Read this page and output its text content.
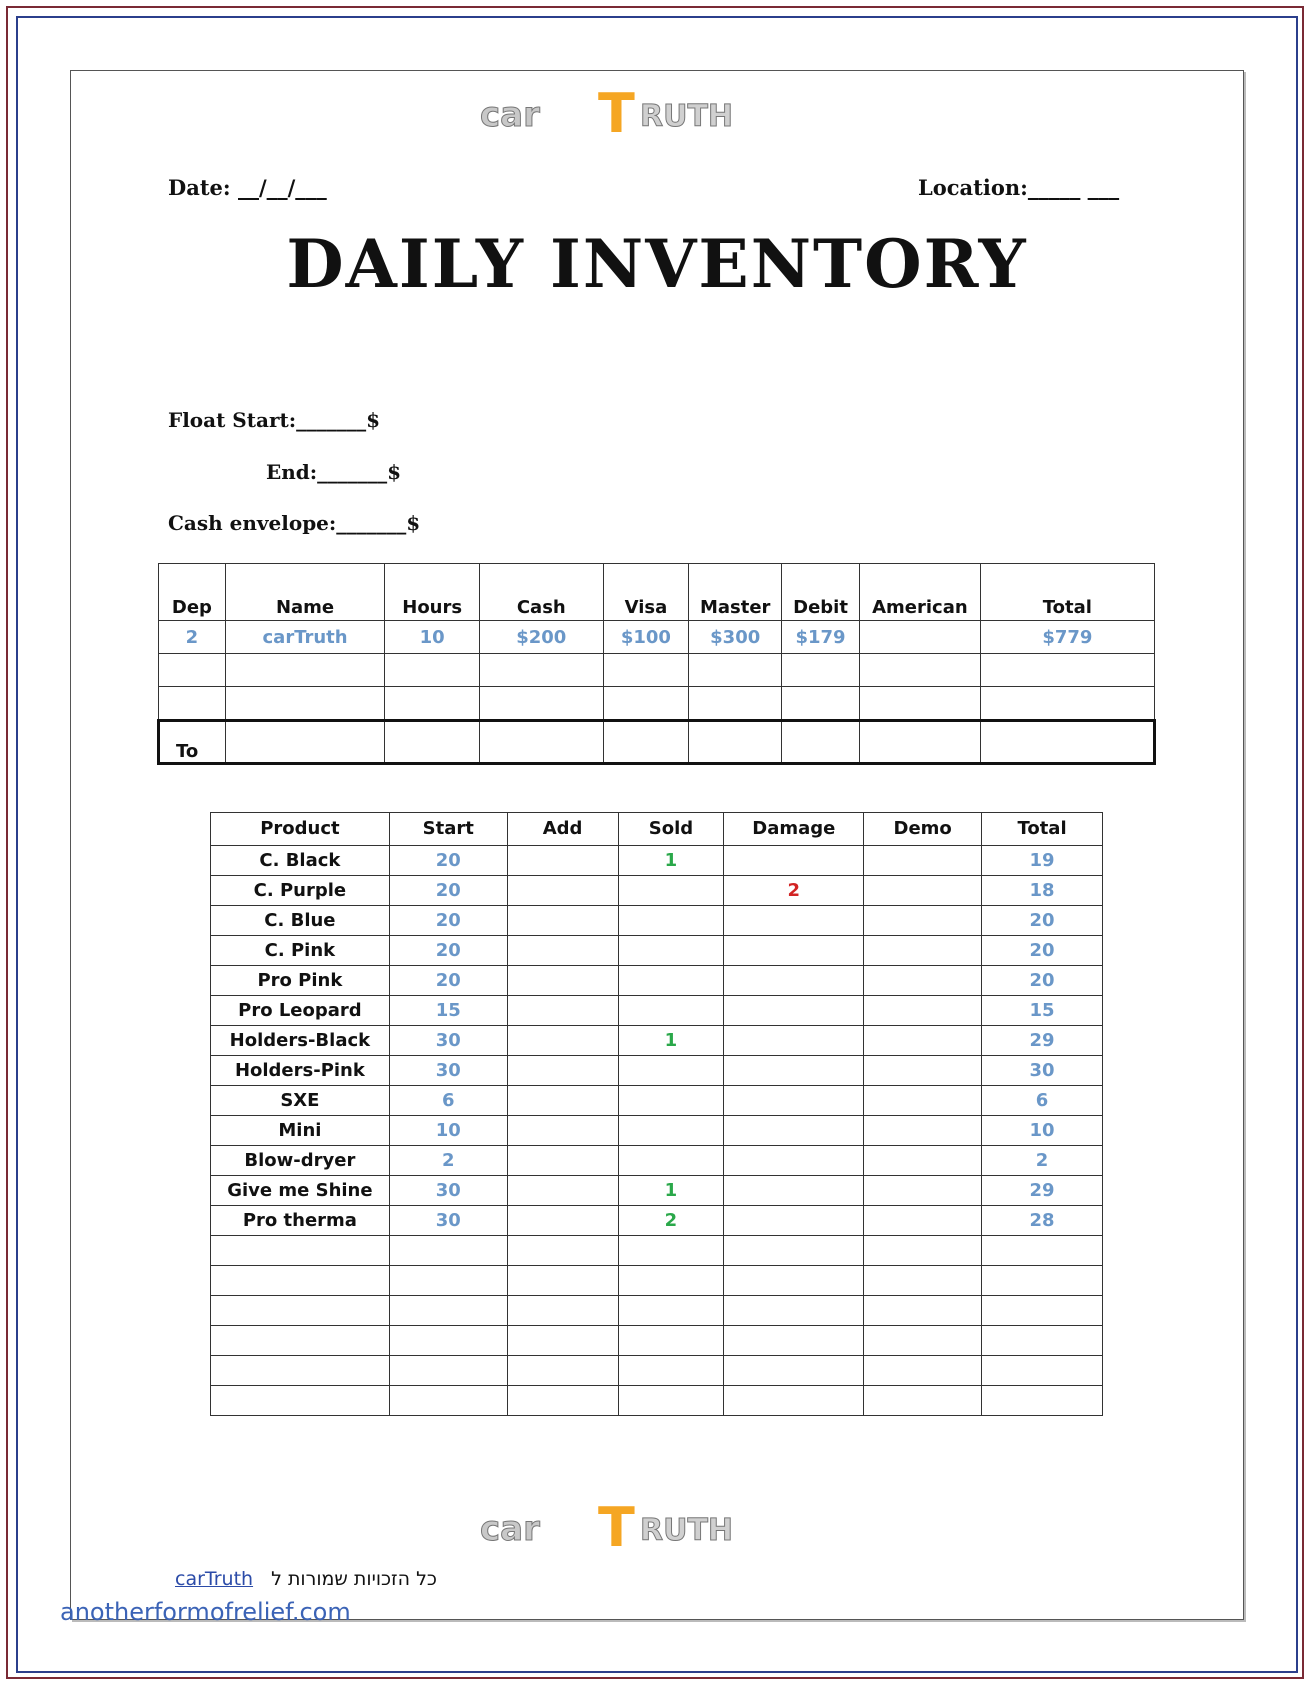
car T RUTH
Date: __/__/___	Location:_____ ___
DAILY INVENTORY
Float Start:_______$
End:_______$
Cash envelope:_______$
Dep	Name	Hours	Cash	Visa	Master	Debit	American	Total
2	carTruth	10	$200	$100	$300	$179		$779

To								
Product	Start	Add	Sold	Damage	Demo	Total
C. Black	20		1			19
C. Purple	20			2		18
C. Blue	20					20
C. Pink	20					20
Pro Pink	20					20
Pro Leopard	15					15
Holders-Black	30		1			29
Holders-Pink	30					30
SXE	6					6
Mini	10					10
Blow-dryer	2					2
Give me Shine	30		1			29
Pro therma	30		2			28

car T RUTH
carTruth כל הזכויות שמורות ל
anotherformofrelief.com
